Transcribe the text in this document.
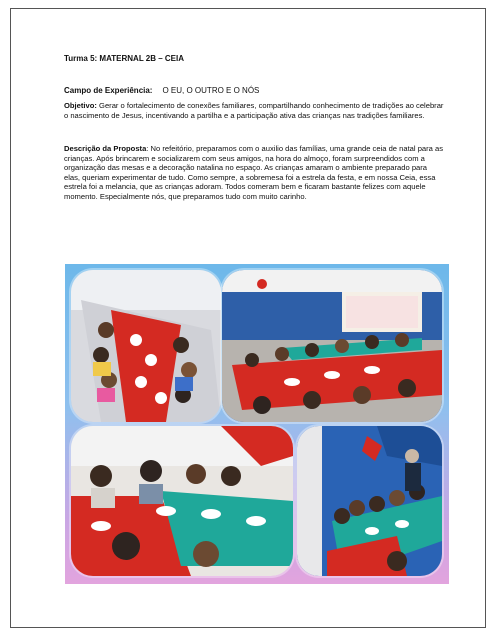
Turma 5: MATERNAL 2B – CEIA
Campo de Experiência: O EU, O OUTRO E O NÓS
Objetivo: Gerar o fortalecimento de conexões familiares, compartilhando conhecimento de tradições ao celebrar o nascimento de Jesus, incentivando a partilha e a participação ativa das crianças nas tradições familiares.
Descrição da Proposta: No refeitório, preparamos com o auxilio das famílias, uma grande ceia de natal para as crianças. Após brincarem e socializarem com seus amigos, na hora do almoço, foram surpreendidos com a organização das mesas e a decoração natalina no espaço. As crianças amaram o ambiente preparado para elas, queriam experimentar de tudo. Como sempre, a sobremesa foi a estrela da festa, e em nossa Ceia, essa estrela foi a melancia, que as crianças adoram. Todos comeram bem e ficaram bastante felizes com aquele momento. Especialmente nós, que preparamos tudo com muito carinho.
